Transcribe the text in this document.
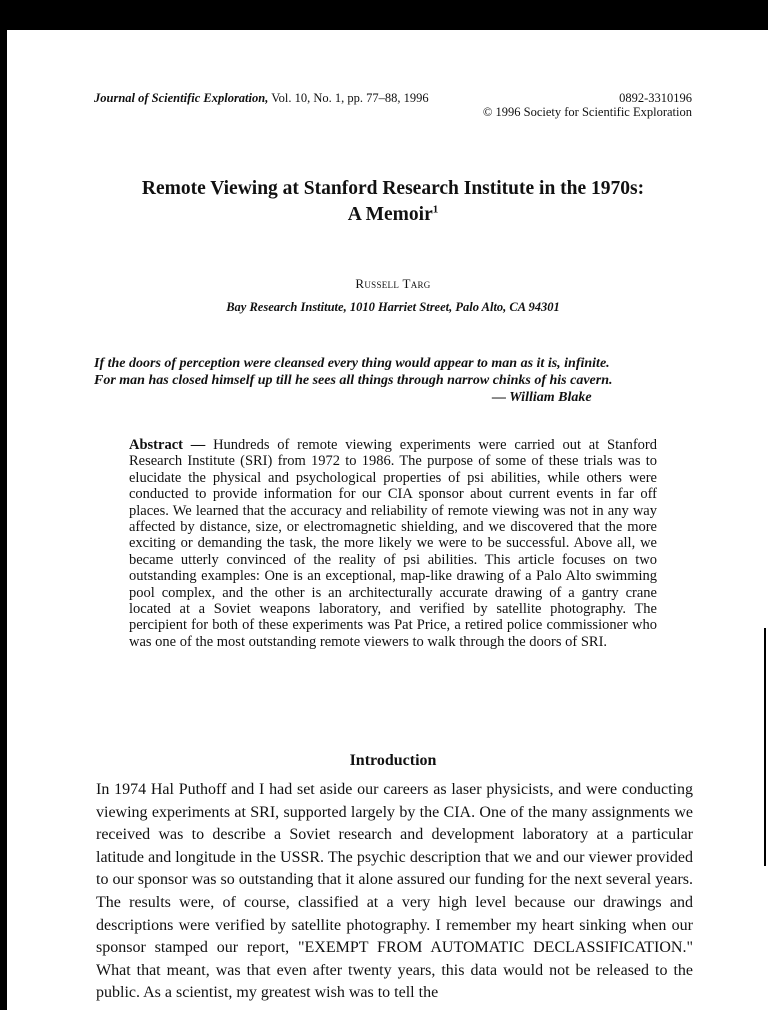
Journal of Scientific Exploration, Vol. 10, No. 1, pp. 77–88, 1996	0892-3310196
© 1996 Society for Scientific Exploration
Remote Viewing at Stanford Research Institute in the 1970s:
A Memoir$^1$
Russell Targ
Bay Research Institute, 1010 Harriet Street, Palo Alto, CA 94301
If the doors of perception were cleansed every thing would appear to man as it is, infinite.
For man has closed himself up till he sees all things through narrow chinks of his cavern.
— William Blake
Abstract — Hundreds of remote viewing experiments were carried out at Stanford Research Institute (SRI) from 1972 to 1986. The purpose of some of these trials was to elucidate the physical and psychological properties of psi abilities, while others were conducted to provide information for our CIA sponsor about current events in far off places. We learned that the accuracy and reliability of remote viewing was not in any way affected by distance, size, or electromagnetic shielding, and we discovered that the more exciting or demanding the task, the more likely we were to be successful. Above all, we became utterly convinced of the reality of psi abilities. This article focuses on two outstanding examples: One is an exceptional, map-like drawing of a Palo Alto swimming pool complex, and the other is an architecturally accurate drawing of a gantry crane located at a Soviet weapons laboratory, and verified by satellite photography. The percipient for both of these experiments was Pat Price, a retired police commissioner who was one of the most outstanding remote viewers to walk through the doors of SRI.
Introduction
In 1974 Hal Puthoff and I had set aside our careers as laser physicists, and were conducting viewing experiments at SRI, supported largely by the CIA. One of the many assignments we received was to describe a Soviet research and development laboratory at a particular latitude and longitude in the USSR. The psychic description that we and our viewer provided to our sponsor was so outstanding that it alone assured our funding for the next several years. The results were, of course, classified at a very high level because our drawings and descriptions were verified by satellite photography. I remember my heart sinking when our sponsor stamped our report, "EXEMPT FROM AUTOMATIC DECLASSIFICATION." What that meant, was that even after twenty years, this data would not be released to the public. As a scientist, my greatest wish was to tell the
